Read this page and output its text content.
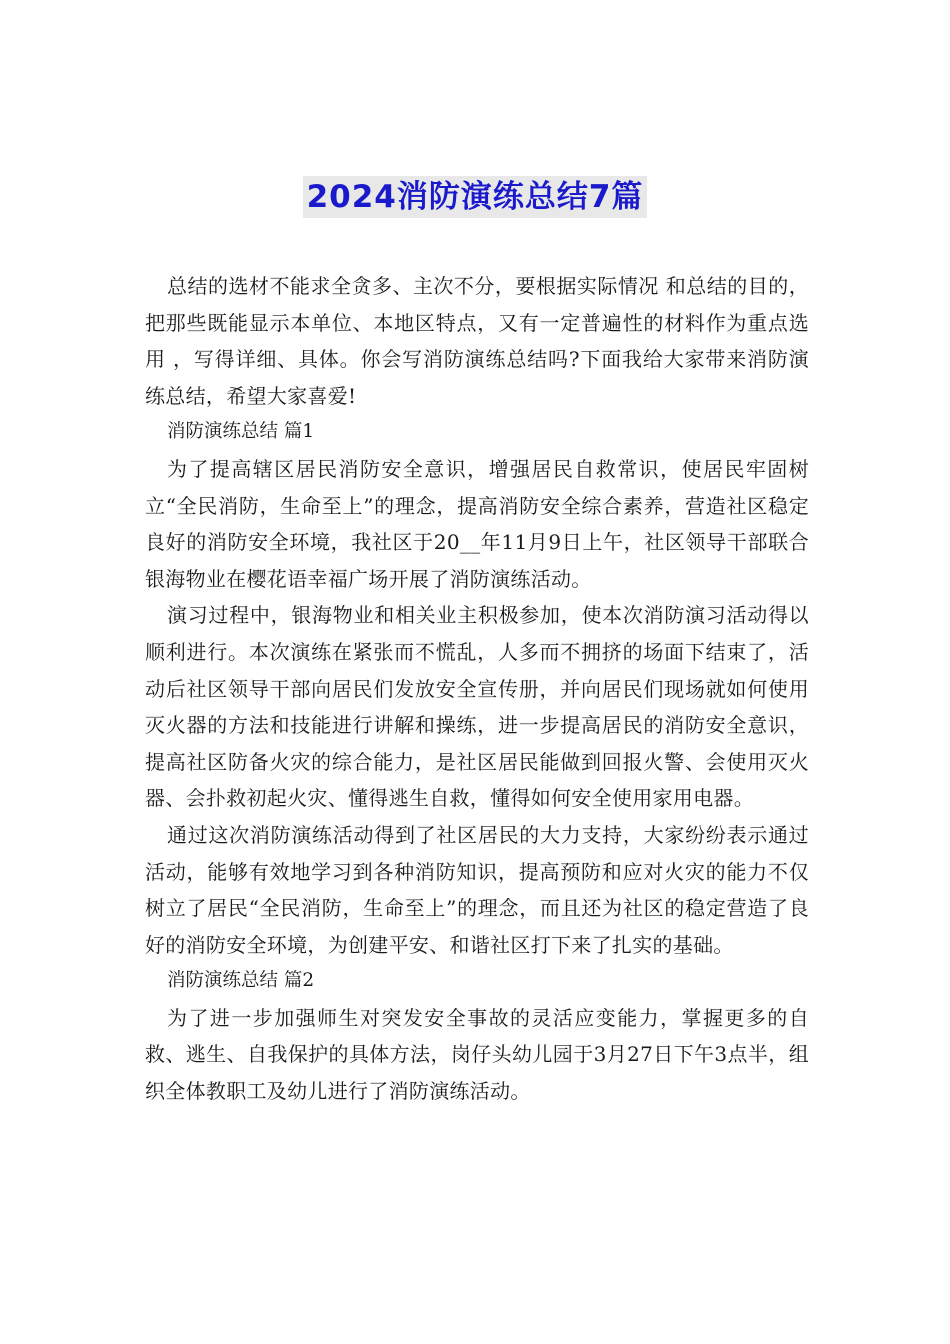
2024消防演练总结7篇

总结的选材不能求全贪多、主次不分，要根据实际情况 和总结的目的，把那些既能显示本单位、本地区特点，又有一定普遍性的材料作为重点选用 ，写得详细、具体。你会写消防演练总结吗?下面我给大家带来消防演练总结，希望大家喜爱!

消防演练总结 篇1

为了提高辖区居民消防安全意识，增强居民自救常识，使居民牢固树立“全民消防，生命至上”的理念，提高消防安全综合素养，营造社区稳定良好的消防安全环境，我社区于20__年11月9日上午，社区领导干部联合银海物业在樱花语幸福广场开展了消防演练活动。

演习过程中，银海物业和相关业主积极参加，使本次消防演习活动得以顺利进行。本次演练在紧张而不慌乱，人多而不拥挤的场面下结束了，活动后社区领导干部向居民们发放安全宣传册，并向居民们现场就如何使用灭火器的方法和技能进行讲解和操练，进一步提高居民的消防安全意识，提高社区防备火灾的综合能力，是社区居民能做到回报火警、会使用灭火器、会扑救初起火灾、懂得逃生自救，懂得如何安全使用家用电器。

通过这次消防演练活动得到了社区居民的大力支持，大家纷纷表示通过活动，能够有效地学习到各种消防知识，提高预防和应对火灾的能力不仅树立了居民“全民消防，生命至上”的理念，而且还为社区的稳定营造了良好的消防安全环境，为创建平安、和谐社区打下来了扎实的基础。

消防演练总结 篇2

为了进一步加强师生对突发安全事故的灵活应变能力，掌握更多的自救、逃生、自我保护的具体方法，岗仔头幼儿园于3月27日下午3点半，组织全体教职工及幼儿进行了消防演练活动。
